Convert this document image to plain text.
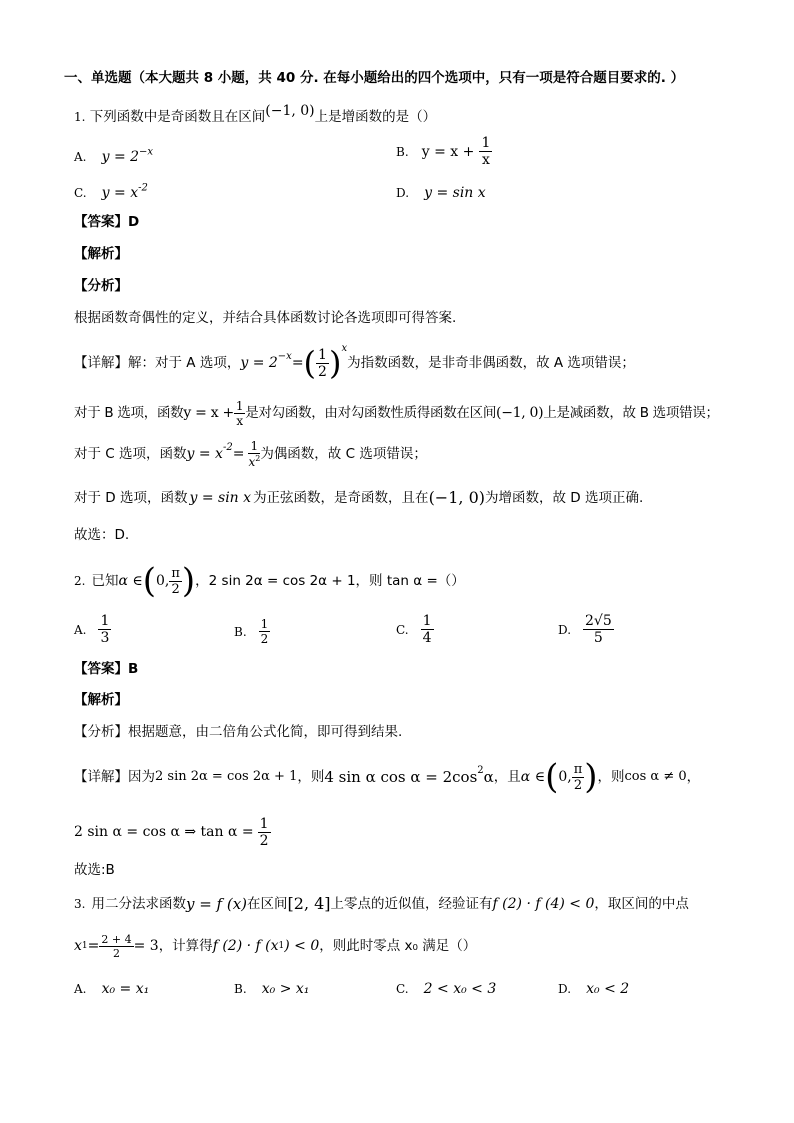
一、单选题（本大题共 8 小题，共 40 分. 在每小题给出的四个选项中，只有一项是符合题目要求的. ）
1. 下列函数中是奇函数且在区间(−1, 0)上是增函数的是（）
A. $y = 2^{-x}$	B. $y = x + \frac{1}{x}$
C. $y = x^{-2}$	D. y = sin x
【答案】D
【解析】
【分析】
根据函数奇偶性的定义，并结合具体函数讨论各选项即可得答案.
【详解】解：对于 A 选项， $y = 2^{-x}$ = ( $\frac{1}{2} )^x$
为指数函数，是非奇非偶函数，故 A 选项错误；
对于 B 选项，函数 $y = x + \frac{1}{x}$ 是对勾函数，由对勾函数性质得函数在区间 (−1, 0) 上是减函数，故 B 选项错误；
对于 C 选项，函数 $y = x^{-2} = \frac{1}{x^2}$ 为偶函数，故 C 选项错误；
对于 D 选项，函数 y = sin x 为正弦函数，是奇函数，且在 (−1, 0) 为增函数，故 D 选项正确.
故选：D.
2. 已知 α ∈ ( 0, $\frac{\pi}{2}$ ) ，2 sin 2α = cos 2α + 1，则 tan α =（）
A. $\frac{1}{3}$	B. $\frac{1}{2}$	C. $\frac{1}{4}$	D. $\frac{2√5}{5}$
【答案】B
【解析】
【分析】根据题意，由二倍角公式化简，即可得到结果.
【详解】因为 2 sin 2α = cos 2α + 1 ，则 4 sin α $\cos \alpha = 2\cos^2$ α ，且 α ∈ ( 0, $\frac{\pi}{2}$ ) ，则 cos α ≠ 0 ，
2 sin α = cos α ⇒ $\tan \alpha = \frac{1}{2}$
故选:B
3. 用二分法求函数 y = f (x) 在区间 [2, 4] 上零点的近似值，经验证有 f (2) · f (4) < 0 ，取区间的中点
x $1 = \frac{2 + 4}{2} = 3$ ，计算得 f (2) · f (x 1 ) < 0 ，则此时零点 x₀ 满足（）
A. x₀ = x₁	B. x₀ > x₁	C. 2 < x₀ < 3	D. x₀ < 2
